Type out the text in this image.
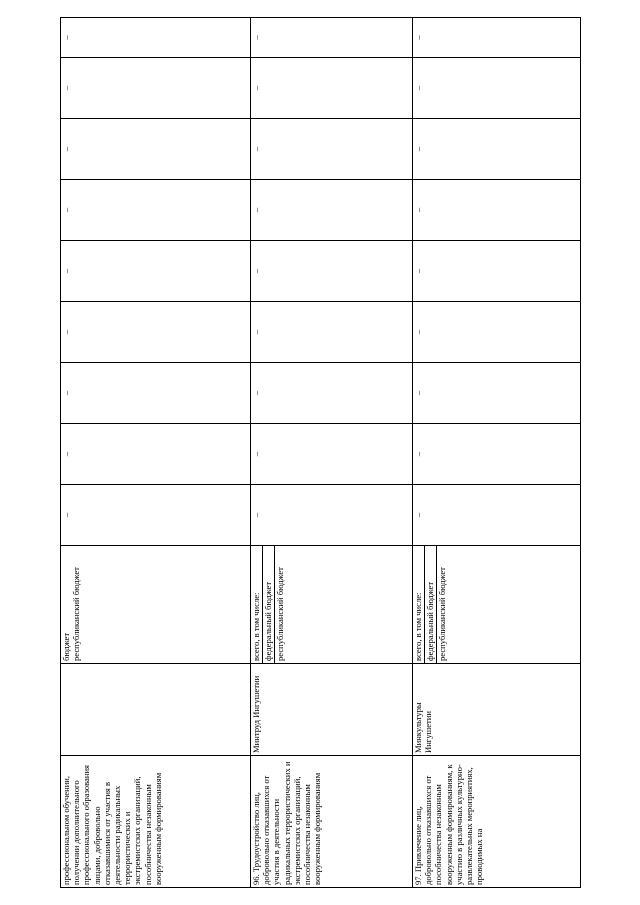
профессиональном обучении, получении дополнительного профессионального образования лицами, добровольно отказавшимися от участия в деятельности радикальных террористических и экстремистских организаций, пособничества незаконным вооруженным формированиям		бюджет республиканский бюджет	–	–	–	–	–	–	–	–	–
96. Трудоустройство лиц, добровольно отказавшихся от участия в деятельности радикальных террористических и экстремистских организаций, пособничества незаконным вооруженным формированиям	Минтруд Ингушетии	всего, в том числе: федеральный бюджет республиканский бюджет	–	–	–	–	–	–	–	–	–
97. Привлечение лиц, добровольно отказавшихся от пособничества незаконным вооруженным формированиям, к участию в различных культурно-развлекательных мероприятиях, проводимых на	Минкультуры Ингушетии	всего, в том числе: федеральный бюджет республиканский бюджет	–	–	–	–	–	–	–	–	–
